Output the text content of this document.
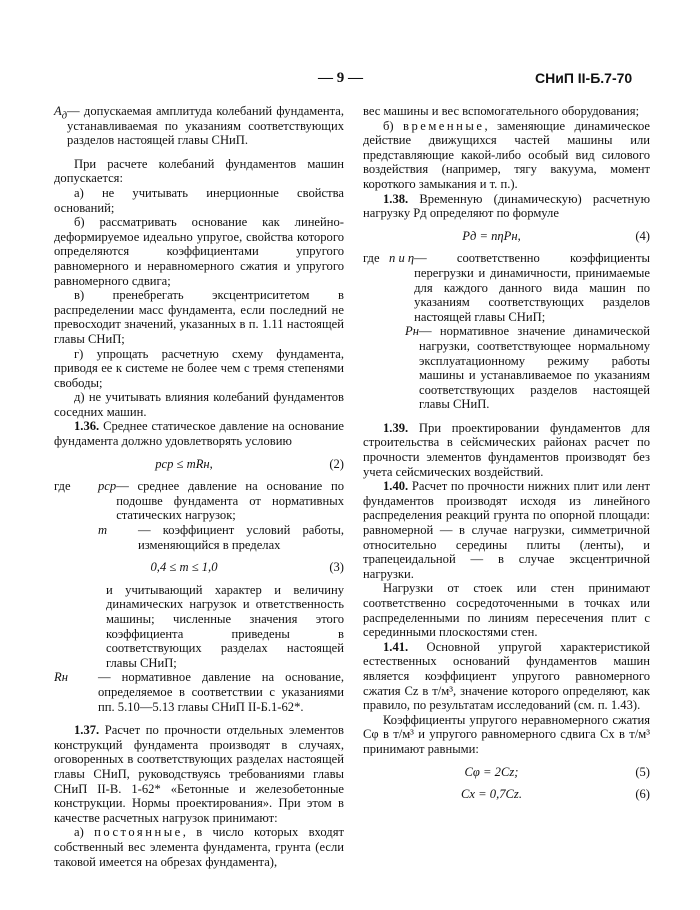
— 9 —	СНиП II-Б.7-70
$A_д$ — допускаемая амплитуда колебаний фундамента, устанавливаемая по указаниям соответствующих разделов настоящей главы СНиП.

При расчете колебаний фундаментов машин допускается:

а) не учитывать инерционные свойства оснований;

б) рассматривать основание как линейно-деформируемое идеально упругое, свойства которого определяются коэффициентами упругого равномерного и неравномерного сжатия и упругого равномерного сдвига;

в) пренебрегать эксцентриситетом в распределении масс фундамента, если последний не превосходит значений, указанных в п. 1.11 настоящей главы СНиП;

г) упрощать расчетную схему фундамента, приводя ее к системе не более чем с тремя степенями свободы;

д) не учитывать влияния колебаний фундаментов соседних машин.

1.36. Среднее статическое давление на основание фундамента должно удовлетворять условию

pср ≤ mRн,	(2)
где	pср — среднее давление на основание по подошве фундамента от нормативных статических нагрузок;
m	— коэффициент условий работы, изменяющийся в пределах
0,4 ≤ m ≤ 1,0	(3)

и учитывающий характер и величину динамических нагрузок и ответственность машины; численные значения этого коэффициента приведены в соответствующих разделах настоящей главы СНиП;

Rн	— нормативное давление на основание, определяемое в соответствии с указаниями пп. 5.10—5.13 главы СНиП II-Б.1-62*.

1.37. Расчет по прочности отдельных элементов конструкций фундамента производят в случаях, оговоренных в соответствующих разделах настоящей главы СНиП, руководствуясь требованиями главы СНиП II-В. 1-62* «Бетонные и железобетонные конструкции. Нормы проектирования». При этом в качестве расчетных нагрузок принимают:

а) постоянные, в число которых входят собственный вес элемента фундамента, грунта (если таковой имеется на обрезах фундамента),

вес машины и вес вспомогательного оборудования;

б) временные, заменяющие динамическое действие движущихся частей машины или представляющие какой-либо особый вид силового воздействия (например, тягу вакуума, момент короткого замыкания и т. п.).

1.38. Временную (динамическую) расчетную нагрузку Pд определяют по формуле

Pд = nηPн,	(4)
где n и η — соответственно коэффициенты перегрузки и динамичности, принимаемые для каждого данного вида машин по указаниям соответствующих разделов настоящей главы СНиП;
Pн — нормативное значение динамической нагрузки, соответствующее нормальному эксплуатационному режиму работы машины и устанавливаемое по указаниям соответствующих разделов настоящей главы СНиП.

1.39. При проектировании фундаментов для строительства в сейсмических районах расчет по прочности элементов фундаментов производят без учета сейсмических воздействий.

1.40. Расчет по прочности нижних плит или лент фундаментов производят исходя из линейного распределения реакций грунта по опорной площади: равномерной — в случае нагрузки, симметричной относительно середины плиты (ленты), и трапецеидальной — в случае эксцентричной нагрузки.

Нагрузки от стоек или стен принимают соответственно сосредоточенными в точках или распределенными по линиям пересечения плит с серединными плоскостями стен.

1.41. Основной упругой характеристикой естественных оснований фундаментов машин является коэффициент упругого равномерного сжатия Cz в т/м³, значение которого определяют, как правило, по результатам исследований (см. п. 1.43).

Коэффициенты упругого неравномерного сжатия Cφ в т/м³ и упругого равномерного сдвига Cx в т/м³ принимают равными:

Cφ = 2Cz;	(5)
Cx = 0,7Cz.	(6)
